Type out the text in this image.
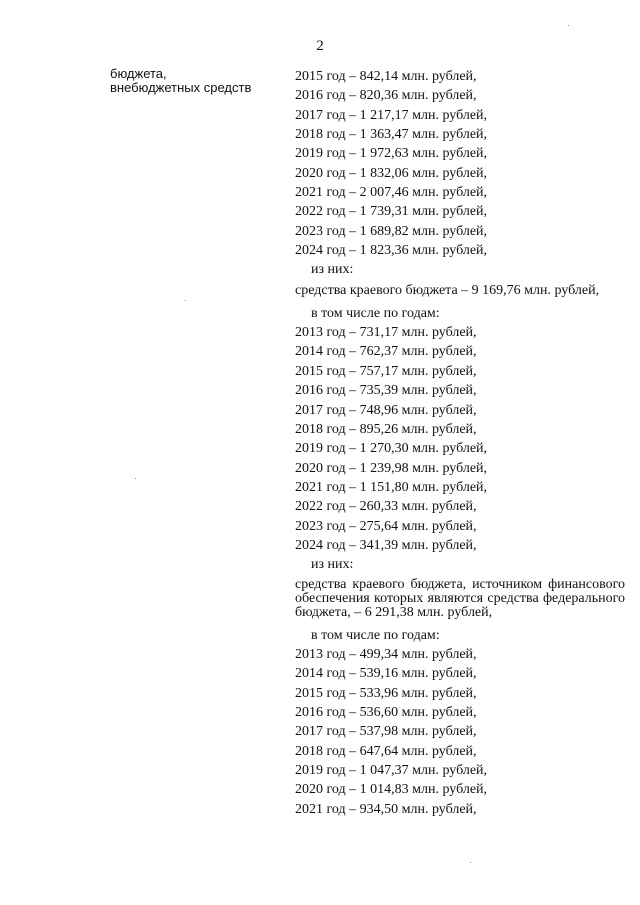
2
бюджета,
внебюджетных средств
2015 год – 842,14 млн. рублей,
2016 год – 820,36 млн. рублей,
2017 год – 1 217,17 млн. рублей,
2018 год – 1 363,47 млн. рублей,
2019 год – 1 972,63 млн. рублей,
2020 год – 1 832,06 млн. рублей,
2021 год – 2 007,46 млн. рублей,
2022 год – 1 739,31 млн. рублей,
2023 год – 1 689,82 млн. рублей,
2024 год – 1 823,36 млн. рублей,
из них:
средства краевого бюджета – 9 169,76 млн. рублей,
в том числе по годам:
2013 год – 731,17 млн. рублей,
2014 год – 762,37 млн. рублей,
2015 год – 757,17 млн. рублей,
2016 год – 735,39 млн. рублей,
2017 год – 748,96 млн. рублей,
2018 год – 895,26 млн. рублей,
2019 год – 1 270,30 млн. рублей,
2020 год – 1 239,98 млн. рублей,
2021 год – 1 151,80 млн. рублей,
2022 год – 260,33 млн. рублей,
2023 год – 275,64 млн. рублей,
2024 год – 341,39 млн. рублей,
из них:
средства краевого бюджета, источником финансового обеспечения которых являются средства федерального бюджета, – 6 291,38 млн. рублей,
в том числе по годам:
2013 год – 499,34 млн. рублей,
2014 год – 539,16 млн. рублей,
2015 год – 533,96 млн. рублей,
2016 год – 536,60 млн. рублей,
2017 год – 537,98 млн. рублей,
2018 год – 647,64 млн. рублей,
2019 год – 1 047,37 млн. рублей,
2020 год – 1 014,83 млн. рублей,
2021 год – 934,50 млн. рублей,
